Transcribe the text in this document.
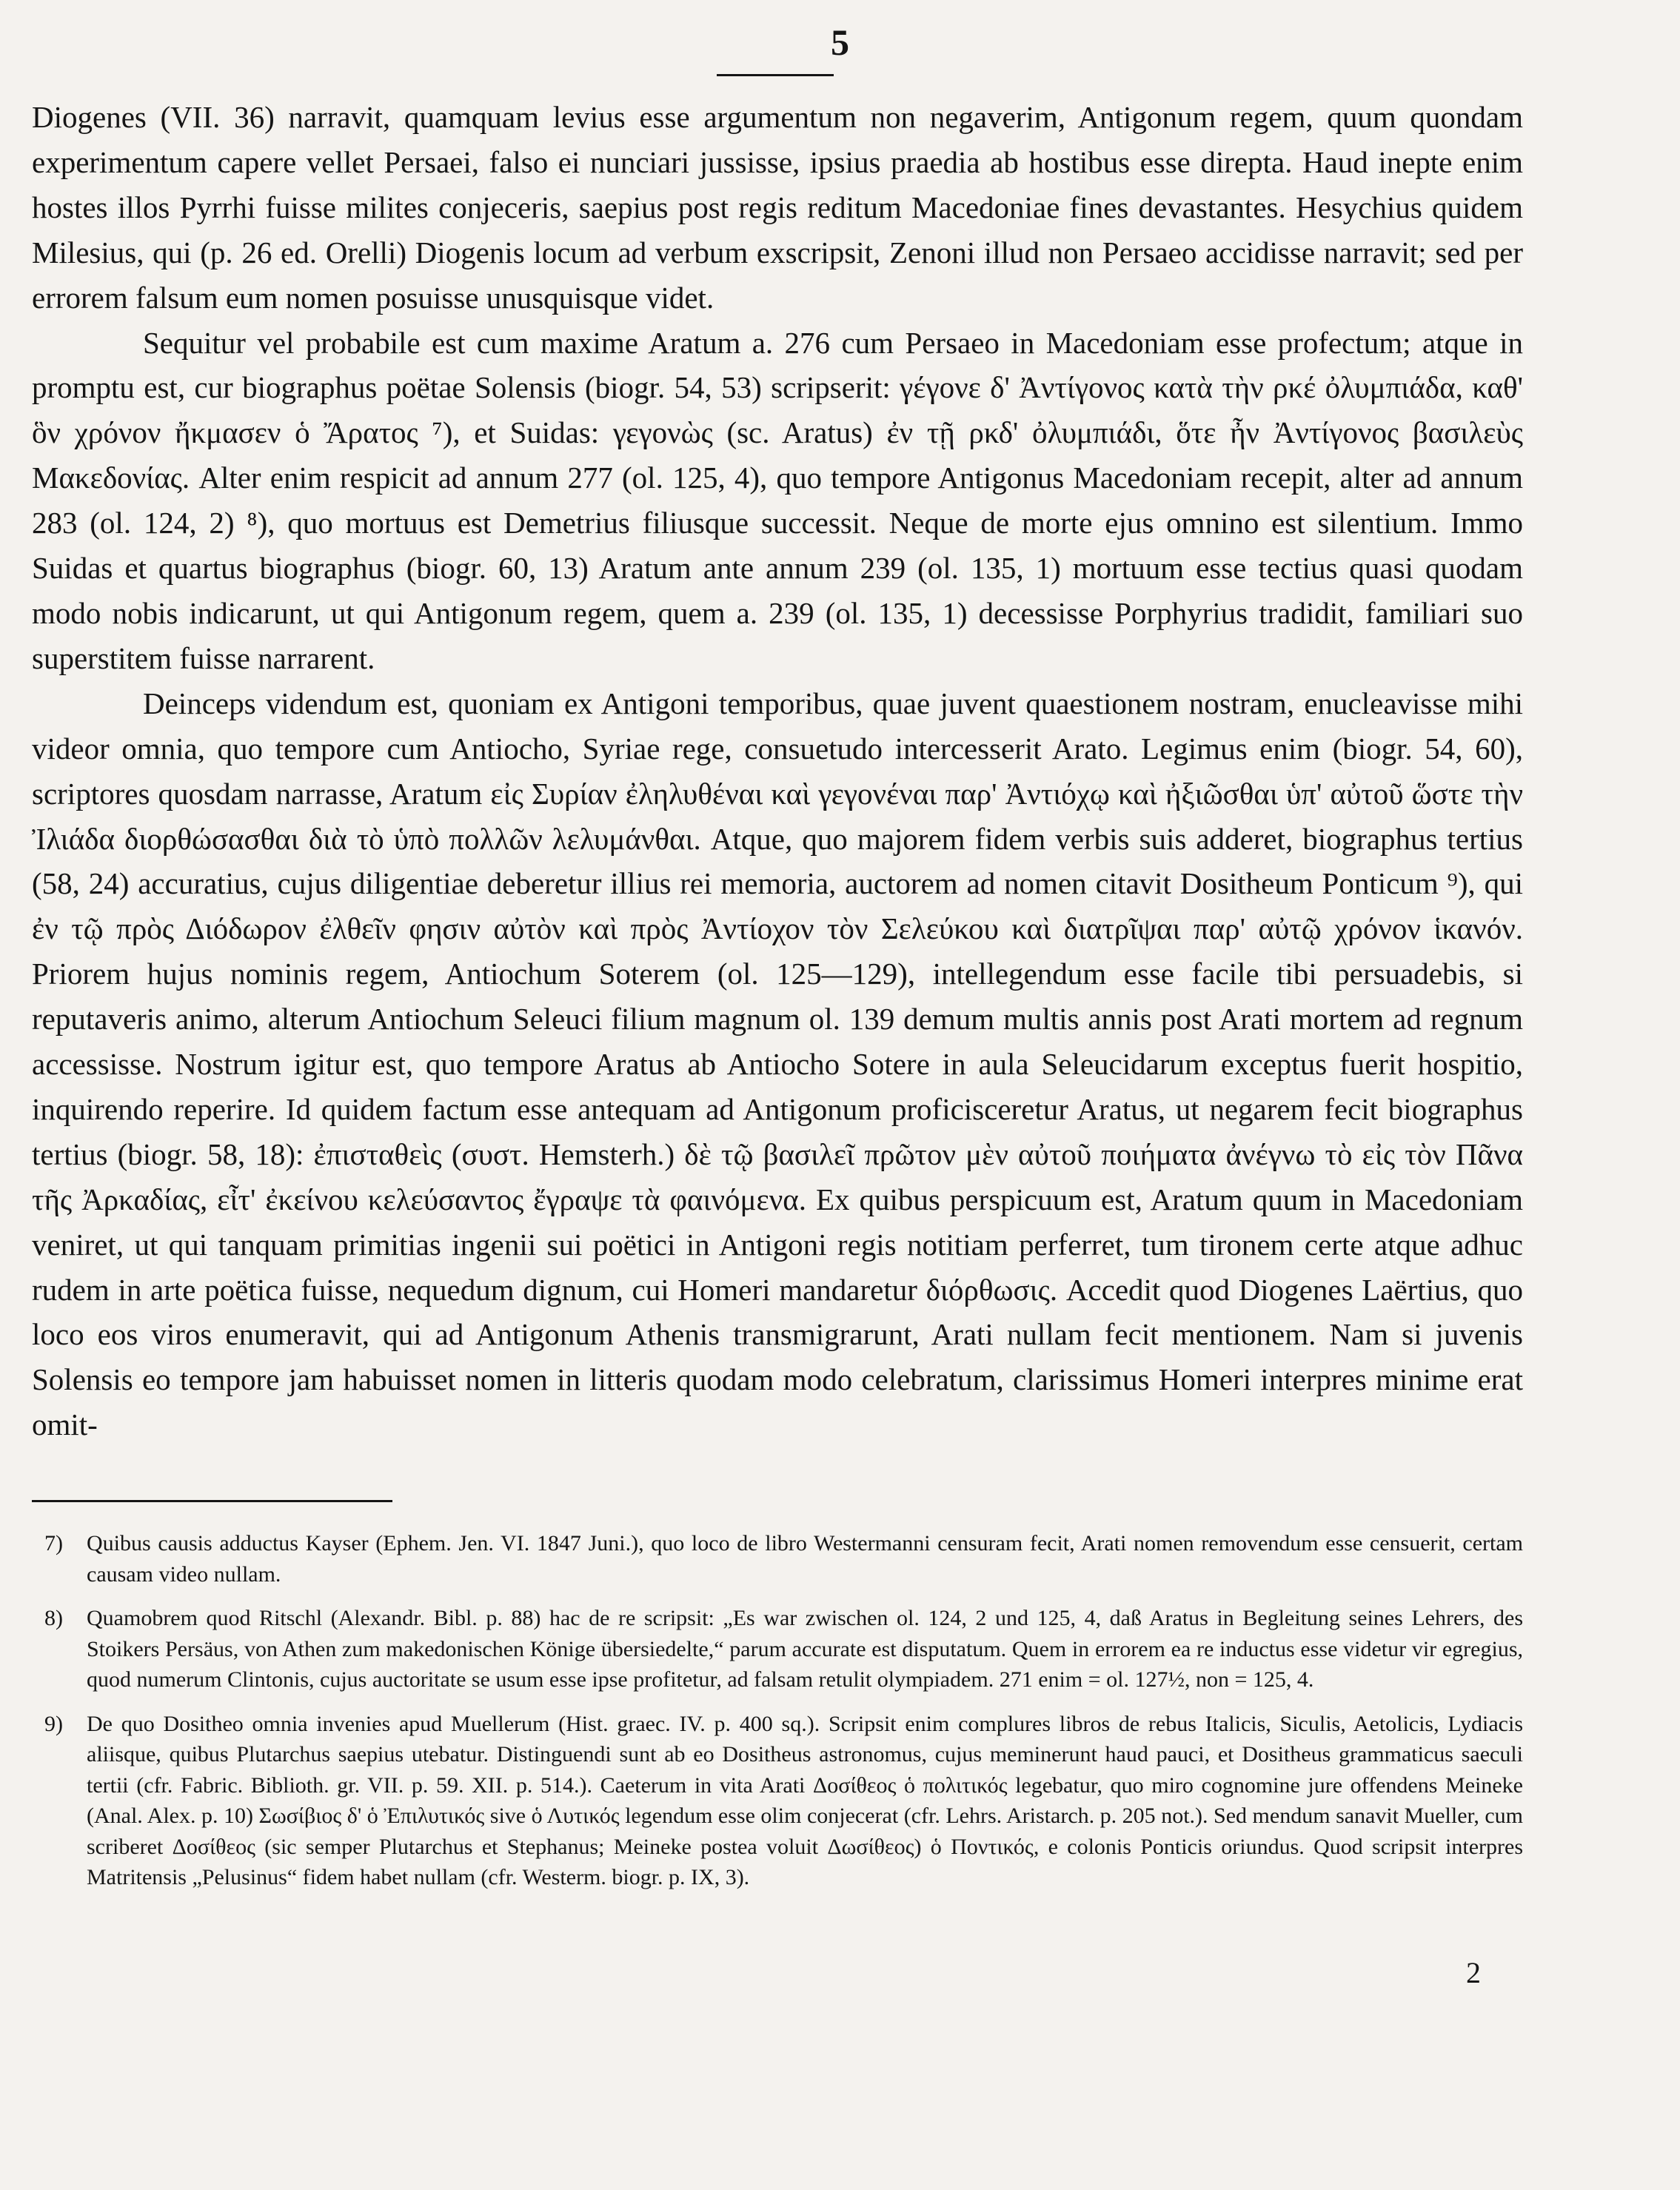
5

Diogenes (VII. 36) narravit, quamquam levius esse argumentum non negaverim, Antigonum regem, quum quondam experimentum capere vellet Persaei, falso ei nunciari jussisse, ipsius praedia ab hostibus esse direpta. Haud inepte enim hostes illos Pyrrhi fuisse milites conjeceris, saepius post regis reditum Macedoniae fines devastantes. Hesychius quidem Milesius, qui (p. 26 ed. Orelli) Diogenis locum ad verbum exscripsit, Zenoni illud non Persaeo accidisse narravit; sed per errorem falsum eum nomen posuisse unusquisque videt.

Sequitur vel probabile est cum maxime Aratum a. 276 cum Persaeo in Macedoniam esse profectum; atque in promptu est, cur biographus poëtae Solensis (biogr. 54, 53) scripserit: γέγονε δ' Ἀντίγονος κατὰ τὴν ρκέ ὀλυμπιάδα, καθ' ὃν χρόνον ἤκμασεν ὁ Ἄρατος ⁷), et Suidas: γεγονὼς (sc. Aratus) ἐν τῇ ρκδ' ὀλυμπιάδι, ὅτε ἦν Ἀντίγονος βασιλεὺς Μακεδονίας. Alter enim respicit ad annum 277 (ol. 125, 4), quo tempore Antigonus Macedoniam recepit, alter ad annum 283 (ol. 124, 2) ⁸), quo mortuus est Demetrius filiusque successit. Neque de morte ejus omnino est silentium. Immo Suidas et quartus biographus (biogr. 60, 13) Aratum ante annum 239 (ol. 135, 1) mortuum esse tectius quasi quodam modo nobis indicarunt, ut qui Antigonum regem, quem a. 239 (ol. 135, 1) decessisse Porphyrius tradidit, familiari suo superstitem fuisse narrarent.

Deinceps videndum est, quoniam ex Antigoni temporibus, quae juvent quaestionem nostram, enucleavisse mihi videor omnia, quo tempore cum Antiocho, Syriae rege, consuetudo intercesserit Arato. Legimus enim (biogr. 54, 60), scriptores quosdam narrasse, Aratum εἰς Συρίαν ἐληλυθέναι καὶ γεγονέναι παρ' Ἀντιόχῳ καὶ ἠξιῶσθαι ὑπ' αὐτοῦ ὥστε τὴν Ἰλιάδα διορθώσασθαι διὰ τὸ ὑπὸ πολλῶν λελυμάνθαι. Atque, quo majorem fidem verbis suis adderet, biographus tertius (58, 24) accuratius, cujus diligentiae deberetur illius rei memoria, auctorem ad nomen citavit Dositheum Ponticum ⁹), qui ἐν τῷ πρὸς Διόδωρον ἐλθεῖν φησιν αὐτὸν καὶ πρὸς Ἀντίοχον τὸν Σελεύκου καὶ διατρῖψαι παρ' αὐτῷ χρόνον ἱκανόν. Priorem hujus nominis regem, Antiochum Soterem (ol. 125—129), intellegendum esse facile tibi persuadebis, si reputaveris animo, alterum Antiochum Seleuci filium magnum ol. 139 demum multis annis post Arati mortem ad regnum accessisse. Nostrum igitur est, quo tempore Aratus ab Antiocho Sotere in aula Seleucidarum exceptus fuerit hospitio, inquirendo reperire. Id quidem factum esse antequam ad Antigonum proficisceretur Aratus, ut negarem fecit biographus tertius (biogr. 58, 18): ἐπισταθεὶς (συστ. Hemsterh.) δὲ τῷ βασιλεῖ πρῶτον μὲν αὐτοῦ ποιήματα ἀνέγνω τὸ εἰς τὸν Πᾶνα τῆς Ἀρκαδίας, εἶτ' ἐκείνου κελεύσαντος ἔγραψε τὰ φαινόμενα. Ex quibus perspicuum est, Aratum quum in Macedoniam veniret, ut qui tanquam primitias ingenii sui poëtici in Antigoni regis notitiam perferret, tum tironem certe atque adhuc rudem in arte poëtica fuisse, nequedum dignum, cui Homeri mandaretur διόρθωσις. Accedit quod Diogenes Laërtius, quo loco eos viros enumeravit, qui ad Antigonum Athenis transmigrarunt, Arati nullam fecit mentionem. Nam si juvenis Solensis eo tempore jam habuisset nomen in litteris quodam modo celebratum, clarissimus Homeri interpres minime erat omit-

7) Quibus causis adductus Kayser (Ephem. Jen. VI. 1847 Juni.), quo loco de libro Westermanni censuram fecit, Arati nomen removendum esse censuerit, certam causam video nullam.
8) Quamobrem quod Ritschl (Alexandr. Bibl. p. 88) hac de re scripsit: „Es war zwischen ol. 124, 2 und 125, 4, daß Aratus in Begleitung seines Lehrers, des Stoikers Persäus, von Athen zum makedonischen Könige übersiedelte,“ parum accurate est disputatum. Quem in errorem ea re inductus esse videtur vir egregius, quod numerum Clintonis, cujus auctoritate se usum esse ipse profitetur, ad falsam retulit olympiadem. 271 enim = ol. 127½, non = 125, 4.
9) De quo Dositheo omnia invenies apud Muellerum (Hist. graec. IV. p. 400 sq.). Scripsit enim complures libros de rebus Italicis, Siculis, Aetolicis, Lydiacis aliisque, quibus Plutarchus saepius utebatur. Distinguendi sunt ab eo Dositheus astronomus, cujus meminerunt haud pauci, et Dositheus grammaticus saeculi tertii (cfr. Fabric. Biblioth. gr. VII. p. 59. XII. p. 514.). Caeterum in vita Arati Δοσίθεος ὁ πολιτικός legebatur, quo miro cognomine jure offendens Meineke (Anal. Alex. p. 10) Σωσίβιος δ' ὁ Ἐπιλυτικός sive ὁ Λυτικός legendum esse olim conjecerat (cfr. Lehrs. Aristarch. p. 205 not.). Sed mendum sanavit Mueller, cum scriberet Δοσίθεος (sic semper Plutarchus et Stephanus; Meineke postea voluit Δωσίθεος) ὁ Ποντικός, e colonis Ponticis oriundus. Quod scripsit interpres Matritensis „Pelusinus“ fidem habet nullam (cfr. Westerm. biogr. p. IX, 3).
2
